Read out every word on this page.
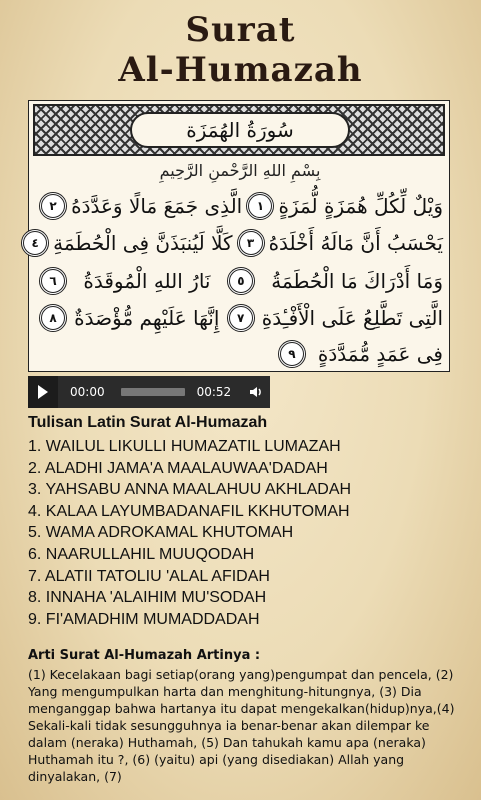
Surat
Al-Humazah
سُورَةُ الهُمَزَة
بِسْمِ اللهِ الرَّحْمنِ الرَّحِيمِ
وَيْلٌ لِّكُلِّ هُمَزَةٍ لُّمَزَةٍ
١
الَّذِى جَمَعَ مَالًا وَعَدَّدَهُ
٢
يَحْسَبُ أَنَّ مَالَهُ أَخْلَدَهُ
٣
كَلَّا لَيُنبَذَنَّ فِى الْحُطَمَةِ
٤
وَمَا أَدْرَاكَ مَا الْحُطَمَةُ
٥
نَارُ اللهِ الْمُوقَدَةُ
٦
الَّتِى تَطَّلِعُ عَلَى الْأَفْـِٔدَةِ
٧
إِنَّهَا عَلَيْهِم مُّؤْصَدَةٌ
٨
فِى عَمَدٍ مُّمَدَّدَةٍ
٩
00:00	00:52
Tulisan Latin Surat Al-Humazah
1. WAILUL LIKULLI HUMAZATIL LUMAZAH
2. ALADHI JAMA'A MAALAUWAA'DADAH
3. YAHSABU ANNA MAALAHUU AKHLADAH
4. KALAA LAYUMBADANAFIL KKHUTOMAH
5. WAMA ADROKAMAL KHUTOMAH
6. NAARULLAHIL MUUQODAH
7. ALATII TATOLIU 'ALAL AFIDAH
8. INNAHA 'ALAIHIM MU'SODAH
9. FI'AMADHIM MUMADDADAH
Arti Surat Al-Humazah Artinya :

(1) Kecelakaan bagi setiap(orang yang)pengumpat dan pencela, (2) Yang mengumpulkan harta dan menghitung-hitungnya, (3) Dia menganggap bahwa hartanya itu dapat mengekalkan(hidup)nya,(4) Sekali-kali tidak sesungguhnya ia benar-benar akan dilempar ke dalam (neraka) Huthamah, (5) Dan tahukah kamu apa (neraka) Huthamah itu ?, (6) (yaitu) api (yang disediakan) Allah yang dinyalakan, (7)
